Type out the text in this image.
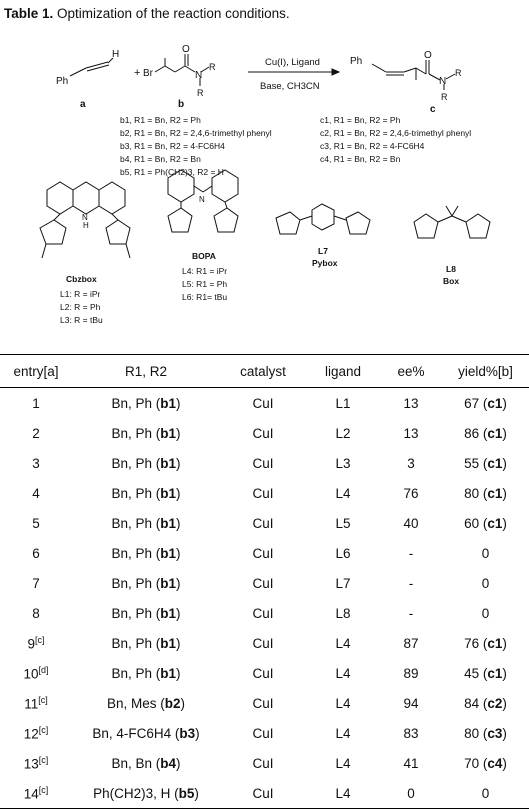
Table 1. Optimization of the reaction conditions.
Ph
H
a
+ Br
O
N
R
R
b
Cu(I), Ligand
Base, CH3CN
Ph
O
N
R
R
c
b1, R1 = Bn, R2 = Ph
b2, R1 = Bn, R2 = 2,4,6-trimethyl phenyl
b3, R1 = Bn, R2 = 4-FC6H4
b4, R1 = Bn, R2 = Bn
b5, R1 = Ph(CH2)3, R2 = H
c1, R1 = Bn, R2 = Ph
c2, R1 = Bn, R2 = 2,4,6-trimethyl phenyl
c3, R1 = Bn, R2 = 4-FC6H4
c4, R1 = Bn, R2 = Bn
N
H
Cbzbox
L1: R = iPr
L2: R = Ph
L3: R = tBu
N
BOPA
L4: R1 = iPr
L5: R1 = Ph
L6: R1= tBu
L7
Pybox
L8
Box
entry[a]	R1, R2	catalyst	ligand	ee%	yield%[b]
1	Bn, Ph (b1)	CuI	L1	13	67 (c1)
2	Bn, Ph (b1)	CuI	L2	13	86 (c1)
3	Bn, Ph (b1)	CuI	L3	3	55 (c1)
4	Bn, Ph (b1)	CuI	L4	76	80 (c1)
5	Bn, Ph (b1)	CuI	L5	40	60 (c1)
6	Bn, Ph (b1)	CuI	L6	-	0
7	Bn, Ph (b1)	CuI	L7	-	0
8	Bn, Ph (b1)	CuI	L8	-	0
9[c]	Bn, Ph (b1)	CuI	L4	87	76 (c1)
10[d]	Bn, Ph (b1)	CuI	L4	89	45 (c1)
11[c]	Bn, Mes (b2)	CuI	L4	94	84 (c2)
12[c]	Bn, 4-FC6H4 (b3)	CuI	L4	83	80 (c3)
13[c]	Bn, Bn (b4)	CuI	L4	41	70 (c4)
14[c]	Ph(CH2)3, H (b5)	CuI	L4	0	0
